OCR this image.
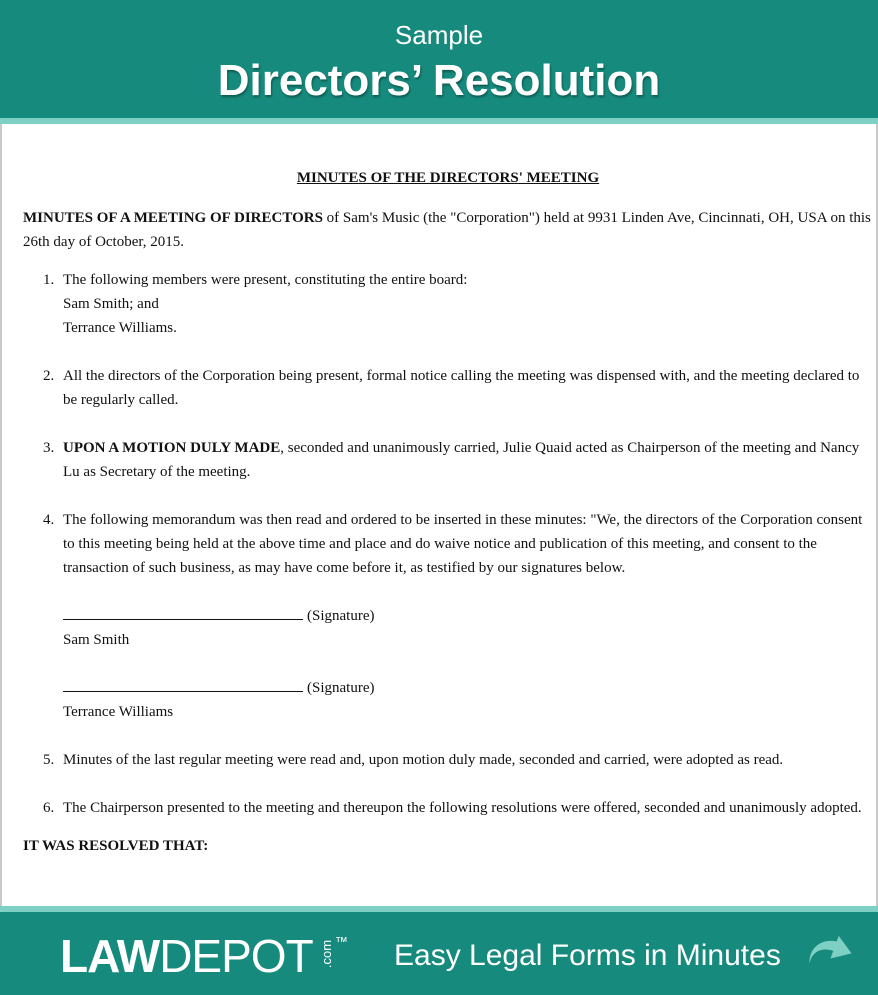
Sample
Directors’ Resolution
MINUTES OF THE DIRECTORS' MEETING

MINUTES OF A MEETING OF DIRECTORS of Sam's Music (the "Corporation") held at 9931 Linden Ave, Cincinnati, OH, USA on this 26th day of October, 2015.

1. The following members were present, constituting the entire board:
Sam Smith; and
Terrance Williams.
2. All the directors of the Corporation being present, formal notice calling the meeting was dispensed with, and the meeting declared to be regularly called.
3. UPON A MOTION DULY MADE, seconded and unanimously carried, Julie Quaid acted as Chairperson of the meeting and Nancy Lu as Secretary of the meeting.
4. The following memorandum was then read and ordered to be inserted in these minutes: "We, the directors of the Corporation consent to this meeting being held at the above time and place and do waive notice and publication of this meeting, and consent to the transaction of such business, as may have come before it, as testified by our signatures below.
(Signature)
Sam Smith
(Signature)
Terrance Williams
5. Minutes of the last regular meeting were read and, upon motion duly made, seconded and carried, were adopted as read.
6. The Chairperson presented to the meeting and thereupon the following resolutions were offered, seconded and unanimously adopted.
IT WAS RESOLVED THAT:
LAWDEPOT .com™ Easy Legal Forms in Minutes
